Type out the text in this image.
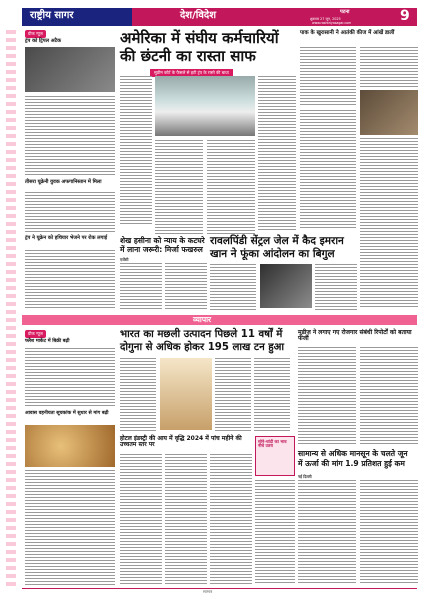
राष्ट्रीय सागर	देश/विदेश	पटना
शुक्रवार 27 जून, 2025
www.rashtriyasagar.com	9
ग्रीक न्यूज
ट्रंप को ट्रिपल अटैक
तीसरा यूक्रेनी युवक अफगानिस्तान में मिला
ट्रंप ने यूक्रेन को हथियार भेजने पर रोक लगाई
अमेरिका में संघीय कर्मचारियों
की छंटनी का रास्ता साफ
सुप्रीम कोर्ट के फैसले से हटी ट्रंप के रास्ते की बाधा
पाक के खुरासानी ने आतंकी कीज में आंखें डालीं
शेख हसीना को न्याय के कटघरे
में लाना जरूरी: मिर्जा फखरुल
एजेंसी
रावलपिंडी सेंट्रल जेल में कैद इमरान
खान ने फूंका आंदोलन का बिगुल
व्यापार
ग्रीक न्यूज
फ्लैश मार्केट में बिक्री बढ़ी
आवास वहनीयता सूचकांक में सुधार से मांग बढ़ी
भारत का मछली उत्पादन पिछले 11 वर्षों में
दोगुना से अधिक होकर 195 लाख टन हुआ
होटल इंडस्ट्री की आय में वृद्धि 2024 में पांच महीने की उच्चतम स्तर पर	सोने-चांदी का भाव नीचे उतरा
मूडीज ने लगाए गए रोजगार संबंधी रिपोर्टों को बताया फर्जी
सामान्य से अधिक मानसून के चलते जून
में ऊर्जा की मांग 1.9 प्रतिशत हुई कम
नई दिल्ली
साभार
